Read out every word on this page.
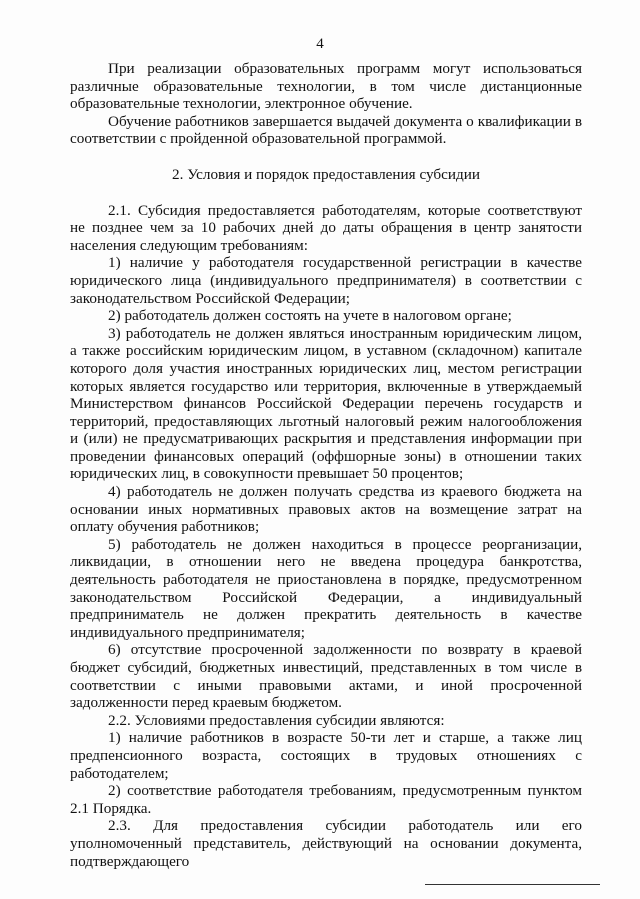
4

При реализации образовательных программ могут использоваться различные образовательные технологии, в том числе дистанционные образовательные технологии, электронное обучение.

Обучение работников завершается выдачей документа о квалификации в соответствии с пройденной образовательной программой.

2. Условия и порядок предоставления субсидии

2.1. Субсидия предоставляется работодателям, которые соответствуют не позднее чем за 10 рабочих дней до даты обращения в центр занятости населения следующим требованиям:

1) наличие у работодателя государственной регистрации в качестве юридического лица (индивидуального предпринимателя) в соответствии с законодательством Российской Федерации;

2) работодатель должен состоять на учете в налоговом органе;

3) работодатель не должен являться иностранным юридическим лицом, а также российским юридическим лицом, в уставном (складочном) капитале которого доля участия иностранных юридических лиц, местом регистрации которых является государство или территория, включенные в утверждаемый Министерством финансов Российской Федерации перечень государств и территорий, предоставляющих льготный налоговый режим налогообложения и (или) не предусматривающих раскрытия и представления информации при проведении финансовых операций (оффшорные зоны) в отношении таких юридических лиц, в совокупности превышает 50 процентов;

4) работодатель не должен получать средства из краевого бюджета на основании иных нормативных правовых актов на возмещение затрат на оплату обучения работников;

5) работодатель не должен находиться в процессе реорганизации, ликвидации, в отношении него не введена процедура банкротства, деятельность работодателя не приостановлена в порядке, предусмотренном законодательством Российской Федерации, а индивидуальный предприниматель не должен прекратить деятельность в качестве индивидуального предпринимателя;

6) отсутствие просроченной задолженности по возврату в краевой бюджет субсидий, бюджетных инвестиций, представленных в том числе в соответствии с иными правовыми актами, и иной просроченной задолженности перед краевым бюджетом.

2.2. Условиями предоставления субсидии являются:

1) наличие работников в возрасте 50-ти лет и старше, а также лиц предпенсионного возраста, состоящих в трудовых отношениях с работодателем;

2) соответствие работодателя требованиям, предусмотренным пунктом 2.1 Порядка.

2.3. Для предоставления субсидии работодатель или его уполномоченный представитель, действующий на основании документа, подтверждающего
